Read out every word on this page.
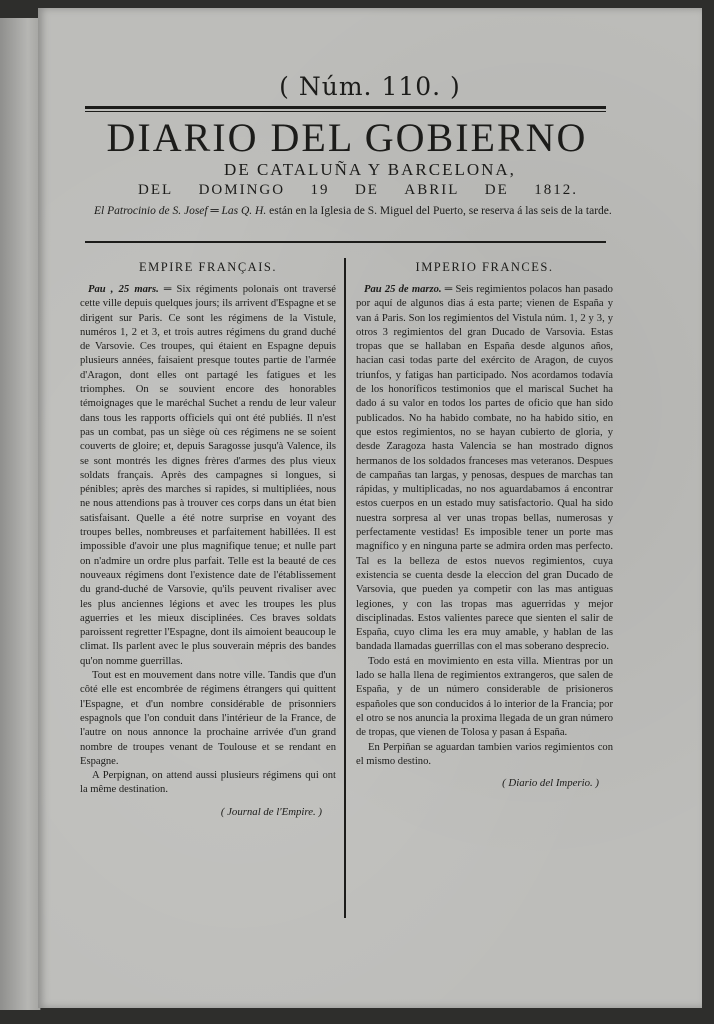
( Núm. 110. )
DIARIO DEL GOBIERNO
DE CATALUÑA Y BARCELONA,
DEL DOMINGO 19 DE ABRIL DE 1812.
El Patrocinio de S. Josef ═ Las Q. H. están en la Iglesia de S. Miguel del Puerto, se reserva á las seis de la tarde.
EMPIRE FRANÇAIS.

Pau , 25 mars. ═ Six régiments polonais ont traversé cette ville depuis quelques jours; ils arrivent d'Espagne et se dirigent sur Paris. Ce sont les régimens de la Vistule, numéros 1, 2 et 3, et trois autres régimens du grand duché de Varsovie. Ces troupes, qui étaient en Espagne depuis plusieurs années, faisaient presque toutes partie de l'armée d'Aragon, dont elles ont partagé les fatigues et les triomphes. On se souvient encore des honorables témoignages que le maréchal Suchet a rendu de leur valeur dans tous les rapports officiels qui ont été publiés. Il n'est pas un combat, pas un siège où ces régimens ne se soient couverts de gloire; et, depuis Saragosse jusqu'à Valence, ils se sont montrés les dignes frères d'armes des plus vieux soldats français. Après des campagnes si longues, si pénibles; après des marches si rapides, si multipliées, nous ne nous attendions pas à trouver ces corps dans un état bien satisfaisant. Quelle a été notre surprise en voyant des troupes belles, nombreuses et parfaitement habillées. Il est impossible d'avoir une plus magnifique tenue; et nulle part on n'admire un ordre plus parfait. Telle est la beauté de ces nouveaux régimens dont l'existence date de l'établissement du grand-duché de Varsovie, qu'ils peuvent rivaliser avec les plus anciennes légions et avec les troupes les plus aguerries et les mieux disciplinées. Ces braves soldats paroissent regretter l'Espagne, dont ils aimoient beaucoup le climat. Ils parlent avec le plus souverain mépris des bandes qu'on nomme guerrillas.

Tout est en mouvement dans notre ville. Tandis que d'un côté elle est encombrée de régimens étrangers qui quittent l'Espagne, et d'un nombre considérable de prisonniers espagnols que l'on conduit dans l'intérieur de la France, de l'autre on nous annonce la prochaine arrivée d'un grand nombre de troupes venant de Toulouse et se rendant en Espagne.

A Perpignan, on attend aussi plusieurs régimens qui ont la même destination.

( Journal de l'Empire. )
IMPERIO FRANCES.

Pau 25 de marzo. ═ Seis regimientos polacos han pasado por aquí de algunos dias á esta parte; vienen de España y van á Paris. Son los regimientos del Vistula núm. 1, 2 y 3, y otros 3 regimientos del gran Ducado de Varsovia. Estas tropas que se hallaban en España desde algunos años, hacian casi todas parte del exército de Aragon, de cuyos triunfos, y fatigas han participado. Nos acordamos todavía de los honoríficos testimonios que el mariscal Suchet ha dado á su valor en todos los partes de oficio que han sido publicados. No ha habido combate, no ha habido sitio, en que estos regimientos, no se hayan cubierto de gloria, y desde Zaragoza hasta Valencia se han mostrado dignos hermanos de los soldados franceses mas veteranos. Despues de campañas tan largas, y penosas, despues de marchas tan rápidas, y multiplicadas, no nos aguardabamos á encontrar estos cuerpos en un estado muy satisfactorio. Qual ha sido nuestra sorpresa al ver unas tropas bellas, numerosas y perfectamente vestidas! Es imposible tener un porte mas magnífico y en ninguna parte se admira orden mas perfecto. Tal es la belleza de estos nuevos regimientos, cuya existencia se cuenta desde la eleccion del gran Ducado de Varsovia, que pueden ya competir con las mas antiguas legiones, y con las tropas mas aguerridas y mejor disciplinadas. Estos valientes parece que sienten el salir de España, cuyo clima les era muy amable, y hablan de las bandada llamadas guerrillas con el mas soberano desprecio.

Todo está en movimiento en esta villa. Mientras por un lado se halla llena de regimientos extrangeros, que salen de España, y de un número considerable de prisioneros españoles que son conducidos á lo interior de la Francia; por el otro se nos anuncia la proxima llegada de un gran número de tropas, que vienen de Tolosa y pasan á España.

En Perpiñan se aguardan tambien varios regimientos con el mismo destino.

( Diario del Imperio. )
